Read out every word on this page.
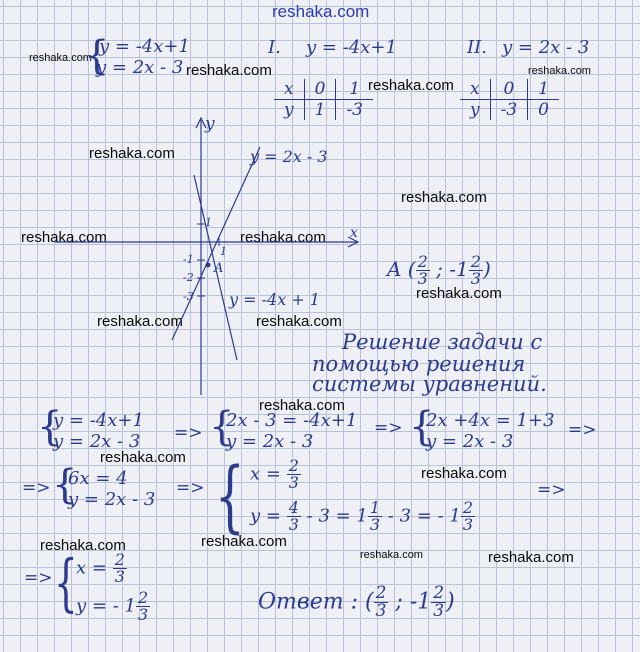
reshaka.com
reshaka.com
reshaka.com
reshaka.com
reshaka.com
reshaka.com
reshaka.com
reshaka.com	reshaka.com
reshaka.com
reshaka.com	reshaka.com
reshaka.com
reshaka.com
reshaka.com
reshaka.com	reshaka.com
reshaka.com	reshaka.com
{
y = -4x+1
y = 2x - 3
I. y = -4x+1
x	0	1
y	1	-3
II. y = 2x - 3
x	0	1
y	-3	0
y
x
y = 2x - 3
y = -4x + 1
A
1
1
-1
-2
-3
A ( $\frac{2}{3}$ ; $-1 \frac{2}{3}$ )
Решение задачи с
помощью решения
системы уравнений.
{
y = -4x+1
y = 2x - 3 => {
2x - 3 = -4x+1
y = 2x - 3
=> {
2x +4x = 1+3
y = 2x - 3
=>
=> {
6x = 4
y = 2x - 3
=> { $x = \frac{2}{3}$
$y = \frac{4}{3} - 3 = 1 \frac{1}{3} - 3$ = - $1 \frac{2}{3}$
=>
=> {
$x = \frac{2}{3}$
y = - $1 \frac{2}{3}$	Ответ : ( $\frac{2}{3}$ ; $-1 \frac{2}{3}$ )
